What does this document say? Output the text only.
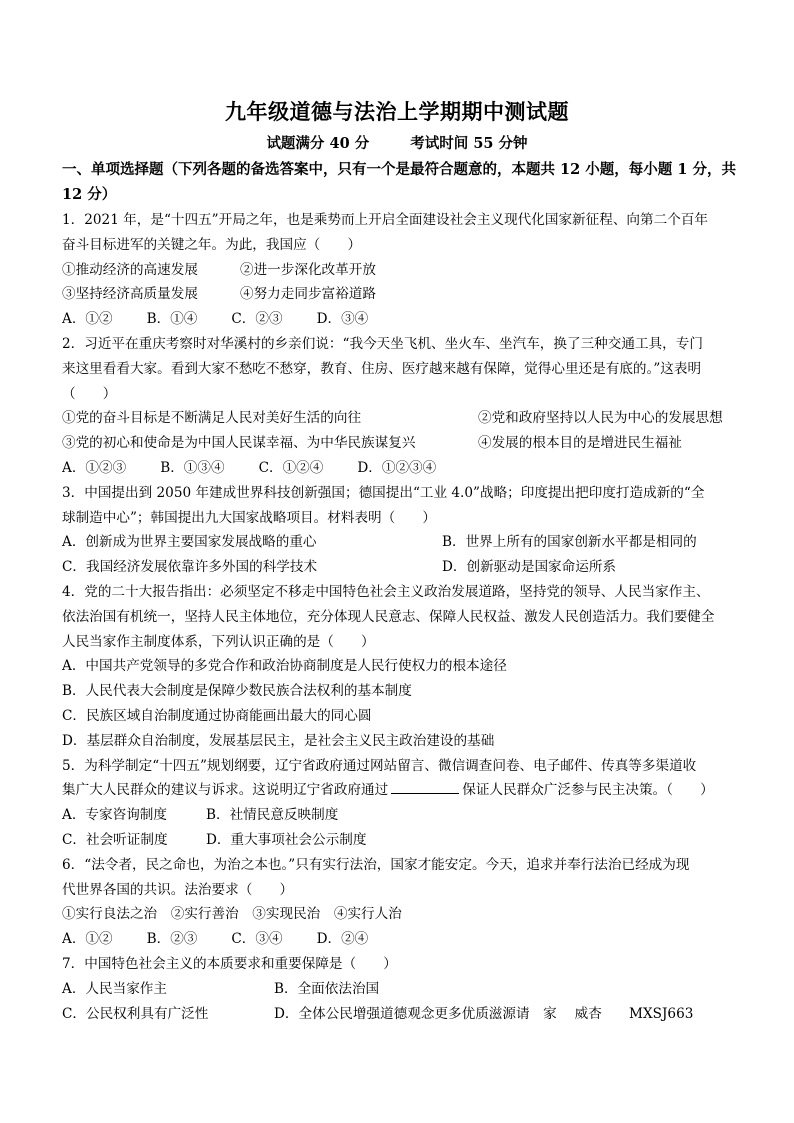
九年级道德与法治上学期期中测试题
试题满分 40 分	考试时间 55 分钟
一、单项选择题（下列各题的备选答案中，只有一个是最符合题意的，本题共 12 小题，每小题 1 分，共 12 分）
1．2021 年，是“十四五”开局之年，也是乘势而上开启全面建设社会主义现代化国家新征程、向第二个百年
奋斗目标进军的关键之年。为此，我国应（　　）
①推动经济的高速发展	②进一步深化改革开放
③坚持经济高质量发展	④努力走同步富裕道路
A．①②	B．①④	C．②③	D．③④
2．习近平在重庆考察时对华溪村的乡亲们说：“我今天坐飞机、坐火车、坐汽车，换了三种交通工具，专门
来这里看看大家。看到大家不愁吃不愁穿，教育、住房、医疗越来越有保障，觉得心里还是有底的。”这表明
（　　）
①党的奋斗目标是不断满足人民对美好生活的向往	②党和政府坚持以人民为中心的发展思想
③党的初心和使命是为中国人民谋幸福、为中华民族谋复兴	④发展的根本目的是增进民生福祉
A．①②③	B．①③④	C．①②④	D．①②③④
3．中国提出到 2050 年建成世界科技创新强国；德国提出“工业 4.0”战略；印度提出把印度打造成新的“全
球制造中心”；韩国提出九大国家战略项目。材料表明（　　）
A．创新成为世界主要国家发展战略的重心	B．世界上所有的国家创新水平都是相同的
C．我国经济发展依靠许多外国的科学技术	D．创新驱动是国家命运所系
4．党的二十大报告指出：必须坚定不移走中国特色社会主义政治发展道路，坚持党的领导、人民当家作主、
依法治国有机统一，坚持人民主体地位，充分体现人民意志、保障人民权益、激发人民创造活力。我们要健全
人民当家作主制度体系，下列认识正确的是（　　）
A．中国共产党领导的多党合作和政治协商制度是人民行使权力的根本途径
B．人民代表大会制度是保障少数民族合法权利的基本制度
C．民族区域自治制度通过协商能画出最大的同心圆
D．基层群众自治制度，发展基层民主，是社会主义民主政治建设的基础
5．为科学制定“十四五”规划纲要，辽宁省政府通过网站留言、微信调查问卷、电子邮件、传真等多渠道收
集广大人民群众的建议与诉求。这说明辽宁省政府通过	保证人民群众广泛参与民主决策。（　　）
A．专家咨询制度	B．社情民意反映制度
C．社会听证制度	D．重大事项社会公示制度
6．“法令者，民之命也，为治之本也。”只有实行法治，国家才能安定。今天，追求并奉行法治已经成为现
代世界各国的共识。法治要求（　　）
①实行良法之治　②实行善治　③实现民治　④实行人治
A．①②	B．②③	C．③④	D．②④
7．中国特色社会主义的本质要求和重要保障是（　　）
A．人民当家作主	B．全面依法治国
C．公民权利具有广泛性	D．全体公民增强道德观念更多优质滋源请　家　 威杏　　MXSJ663
